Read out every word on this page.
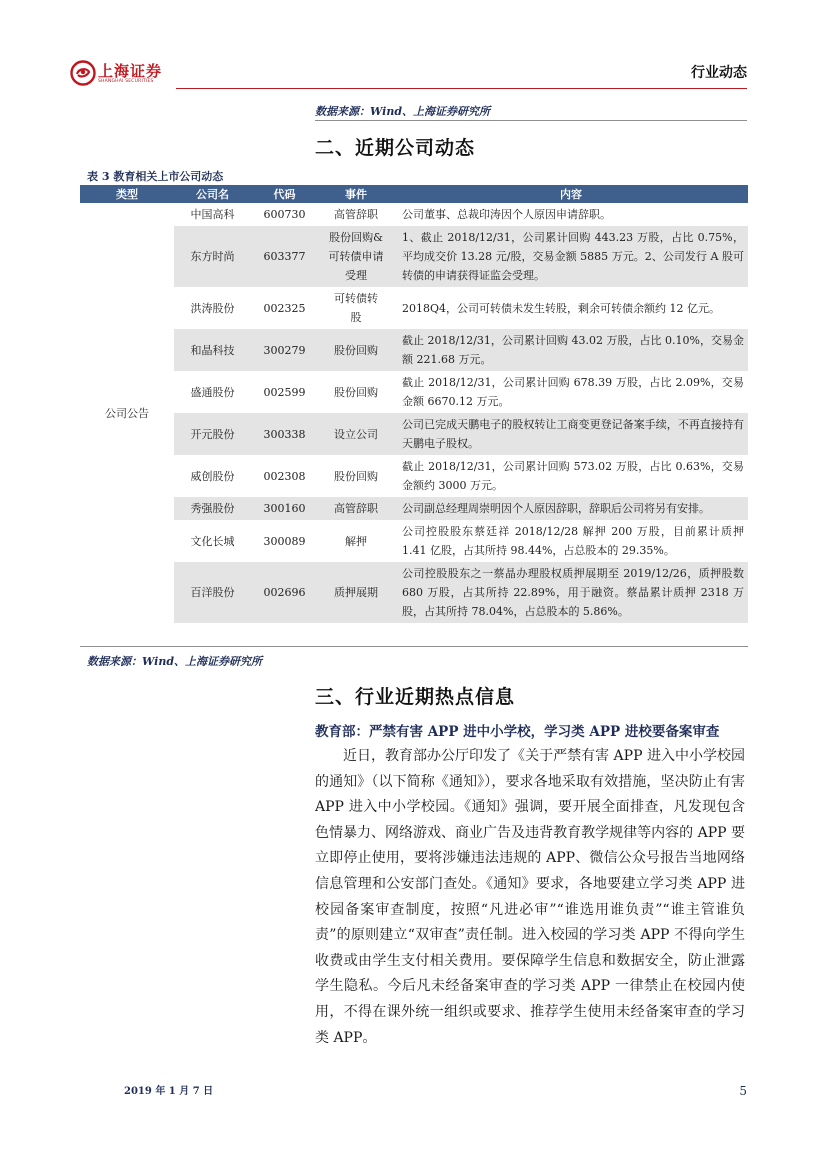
上海证券
SHANGHAI SECURITIES
行业动态
数据来源：Wind、上海证券研究所
二、近期公司动态
表 3 教育相关上市公司动态
类型	公司名	代码	事件	内容
公司公告	中国高科	600730	高管辞职	公司董事、总裁印涛因个人原因申请辞职。
	东方时尚	603377	股份回购&可转债申请受理	1、截止 2018/12/31，公司累计回购 443.23 万股，占比 0.75%，平均成交价 13.28 元/股，交易金额 5885 万元。2、公司发行 A 股可转债的申请获得证监会受理。
	洪涛股份	002325	可转债转股	2018Q4，公司可转债未发生转股，剩余可转债余额约 12 亿元。
	和晶科技	300279	股份回购	截止 2018/12/31，公司累计回购 43.02 万股，占比 0.10%，交易金额 221.68 万元。
	盛通股份	002599	股份回购	截止 2018/12/31，公司累计回购 678.39 万股，占比 2.09%，交易金额 6670.12 万元。
	开元股份	300338	设立公司	公司已完成天鹏电子的股权转让工商变更登记备案手续，不再直接持有天鹏电子股权。
	威创股份	002308	股份回购	截止 2018/12/31，公司累计回购 573.02 万股，占比 0.63%，交易金额约 3000 万元。
	秀强股份	300160	高管辞职	公司副总经理周崇明因个人原因辞职，辞职后公司将另有安排。
	文化长城	300089	解押	公司控股股东蔡廷祥 2018/12/28 解押 200 万股，目前累计质押 1.41 亿股，占其所持 98.44%，占总股本的 29.35%。
	百洋股份	002696	质押展期	公司控股股东之一蔡晶办理股权质押展期至 2019/12/26，质押股数 680 万股，占其所持 22.89%，用于融资。蔡晶累计质押 2318 万股，占其所持 78.04%，占总股本的 5.86%。
数据来源：Wind、上海证券研究所
三、行业近期热点信息
教育部：严禁有害 APP 进中小学校，学习类 APP 进校要备案审查
近日，教育部办公厅印发了《关于严禁有害 APP 进入中小学校园的通知》（以下简称《通知》），要求各地采取有效措施，坚决防止有害 APP 进入中小学校园。《通知》强调，要开展全面排查，凡发现包含色情暴力、网络游戏、商业广告及违背教育教学规律等内容的 APP 要立即停止使用，要将涉嫌违法违规的 APP、微信公众号报告当地网络信息管理和公安部门查处。《通知》要求，各地要建立学习类 APP 进校园备案审查制度，按照“凡进必审”“谁选用谁负责”“谁主管谁负责”的原则建立“双审查”责任制。进入校园的学习类 APP 不得向学生收费或由学生支付相关费用。要保障学生信息和数据安全，防止泄露学生隐私。今后凡未经备案审查的学习类 APP 一律禁止在校园内使用，不得在课外统一组织或要求、推荐学生使用未经备案审查的学习类 APP。
2019 年 1 月 7 日	5
